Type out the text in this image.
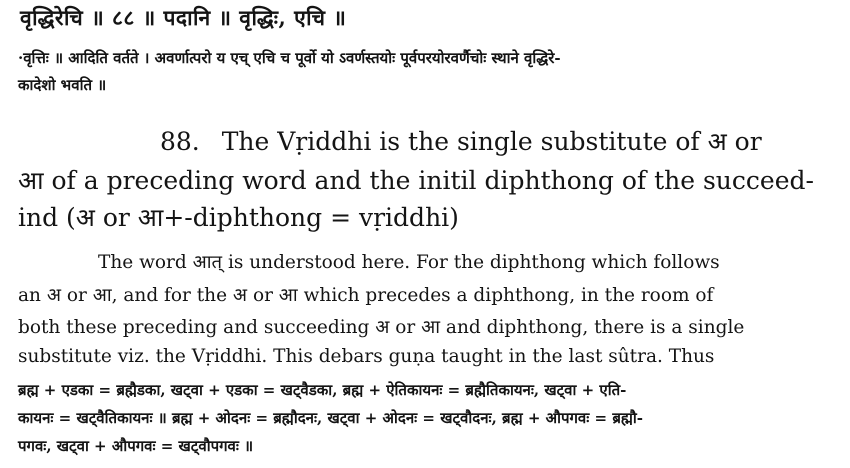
वृद्धिरेचि ॥ ८८ ॥ पदानि ॥ वृद्धिः, एचि ॥
·वृत्तिः ॥ आदिति वर्तते । अवर्णात्परो य एच् एचि च पूर्वो यो ऽवर्णस्तयोः पूर्वपरयोरवर्णैचोः स्थाने वृद्धिरे-
कादेशो भवति ॥
88. The Vṛiddhi is the single substitute of अ or
आ of a preceding word and the initil diphthong of the succeed-
ind (अ or आ+-diphthong = vṛiddhi)
The word आत् is understood here. For the diphthong which follows
an अ or आ, and for the अ or आ which precedes a diphthong, in the room of
both these preceding and succeeding अ or आ and diphthong, there is a single
substitute viz. the Vṛiddhi. This debars guṇa taught in the last sûtra. Thus
ब्रह्म + एडका = ब्रह्मैडका, खट्वा + एडका = खट्वैडका, ब्रह्म + ऐतिकायनः = ब्रह्मैतिकायनः, खट्वा + एति-
कायनः = खट्वैतिकायनः ॥ ब्रह्म + ओदनः = ब्रह्मौदनः, खट्वा + ओदनः = खट्वौदनः, ब्रह्म + औपगवः = ब्रह्मौ-
पगवः, खट्वा + औपगवः = खट्वौपगवः ॥
